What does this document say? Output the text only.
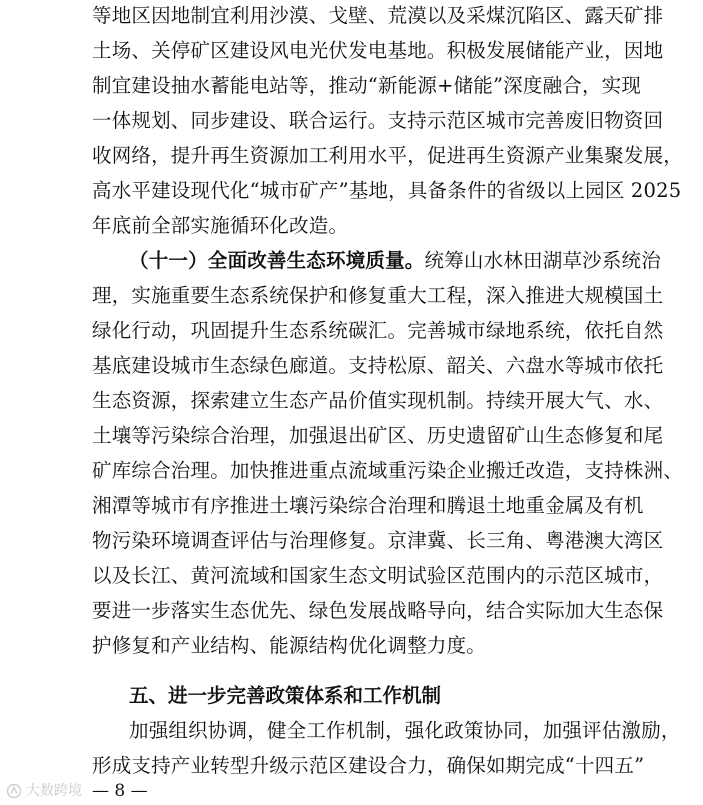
等地区因地制宜利用沙漠、戈壁、荒漠以及采煤沉陷区、露天矿排
土场、关停矿区建设风电光伏发电基地。积极发展储能产业，因地
制宜建设抽水蓄能电站等，推动“新能源+储能”深度融合，实现
一体规划、同步建设、联合运行。支持示范区城市完善废旧物资回
收网络，提升再生资源加工利用水平，促进再生资源产业集聚发展，
高水平建设现代化“城市矿产”基地，具备条件的省级以上园区 2025
年底前全部实施循环化改造。
（十一）全面改善生态环境质量。统筹山水林田湖草沙系统治
理，实施重要生态系统保护和修复重大工程，深入推进大规模国土
绿化行动，巩固提升生态系统碳汇。完善城市绿地系统，依托自然
基底建设城市生态绿色廊道。支持松原、韶关、六盘水等城市依托
生态资源，探索建立生态产品价值实现机制。持续开展大气、水、
土壤等污染综合治理，加强退出矿区、历史遗留矿山生态修复和尾
矿库综合治理。加快推进重点流域重污染企业搬迁改造，支持株洲、
湘潭等城市有序推进土壤污染综合治理和腾退土地重金属及有机
物污染环境调查评估与治理修复。京津冀、长三角、粤港澳大湾区
以及长江、黄河流域和国家生态文明试验区范围内的示范区城市，
要进一步落实生态优先、绿色发展战略导向，结合实际加大生态保
护修复和产业结构、能源结构优化调整力度。
五、进一步完善政策体系和工作机制
加强组织协调，健全工作机制，强化政策协同，加强评估激励，
形成支持产业转型升级示范区建设合力，确保如期完成“十四五”
大数跨境 — 8 —
